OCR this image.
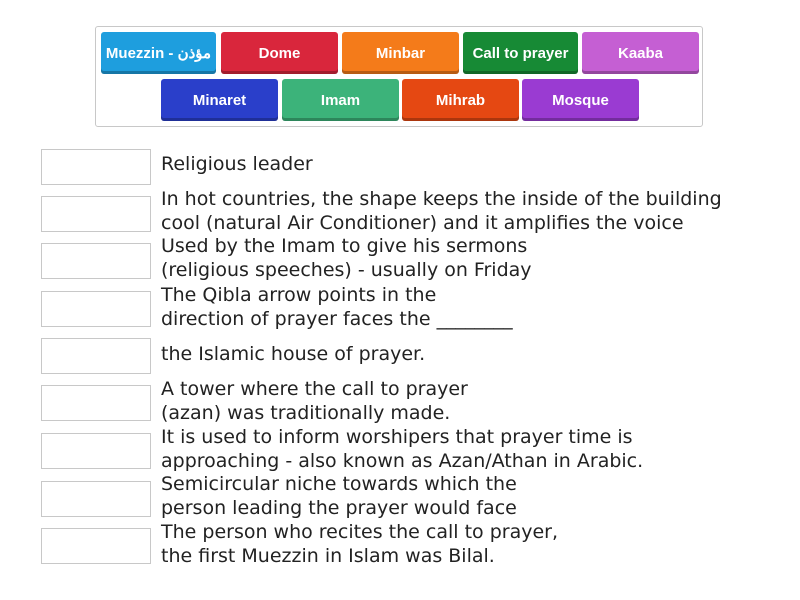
Muezzin - مؤذن	Dome	Minbar	Call to prayer	Kaaba
Minaret	Imam	Mihrab	Mosque
Religious leader
In hot countries, the shape keeps the inside of the building
cool (natural Air Conditioner) and it amplifies the voice
Used by the Imam to give his sermons
(religious speeches) - usually on Friday
The Qibla arrow points in the
direction of prayer faces the ________
the Islamic house of prayer.
A tower where the call to prayer
(azan) was traditionally made.
It is used to inform worshipers that prayer time is
approaching - also known as Azan/Athan in Arabic.
Semicircular niche towards which the
person leading the prayer would face
The person who recites the call to prayer,
the first Muezzin in Islam was Bilal.
